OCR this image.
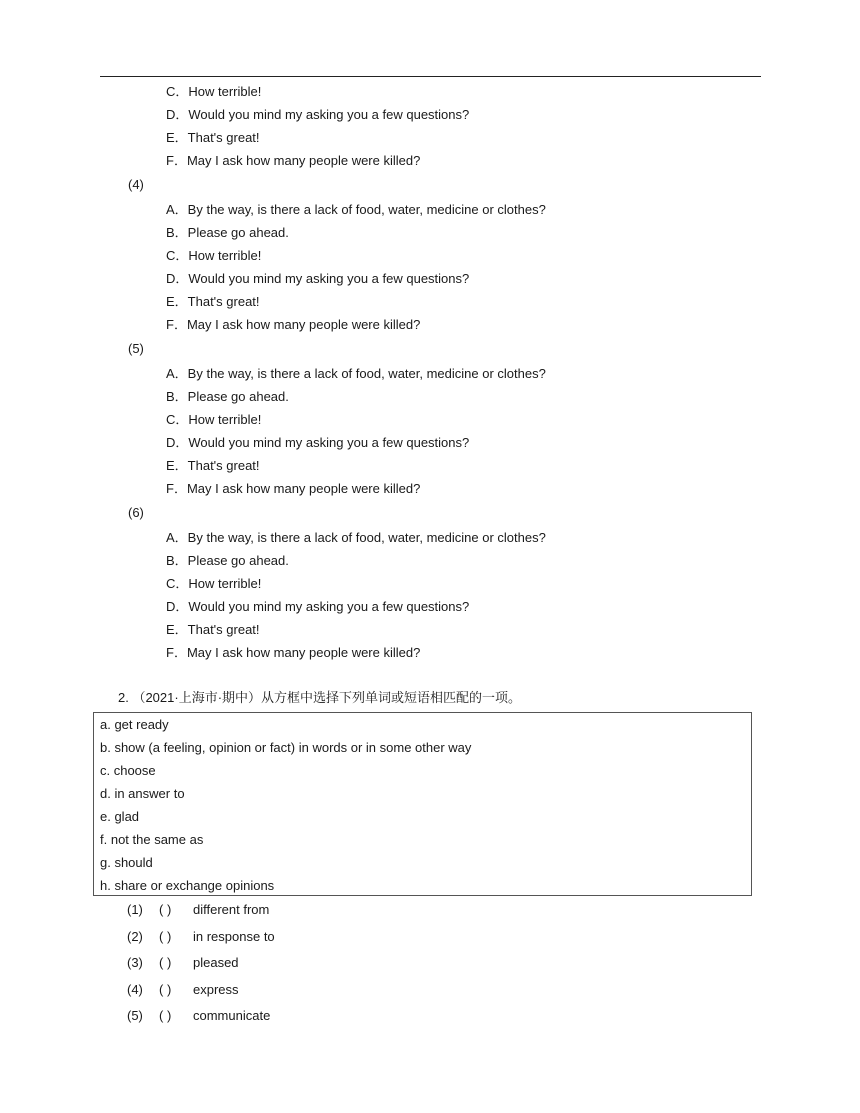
C．How terrible!
D．Would you mind my asking you a few questions?
E．That's great!
F．May I ask how many people were killed?
(4)
A．By the way, is there a lack of food, water, medicine or clothes?
B．Please go ahead.
C．How terrible!
D．Would you mind my asking you a few questions?
E．That's great!
F．May I ask how many people were killed?
(5)
A．By the way, is there a lack of food, water, medicine or clothes?
B．Please go ahead.
C．How terrible!
D．Would you mind my asking you a few questions?
E．That's great!
F．May I ask how many people were killed?
(6)
A．By the way, is there a lack of food, water, medicine or clothes?
B．Please go ahead.
C．How terrible!
D．Would you mind my asking you a few questions?
E．That's great!
F．May I ask how many people were killed?
2. （2021·上海市·期中）从方框中选择下列单词或短语相匹配的一项。
a. get ready
b. show (a feeling, opinion or fact) in words or in some other way
c. choose
d. in answer to
e. glad
f. not the same as
g. should
h. share or exchange opinions
(1) ( ) different from
(2) ( ) in response to
(3) ( ) pleased
(4) ( ) express
(5) ( ) communicate
